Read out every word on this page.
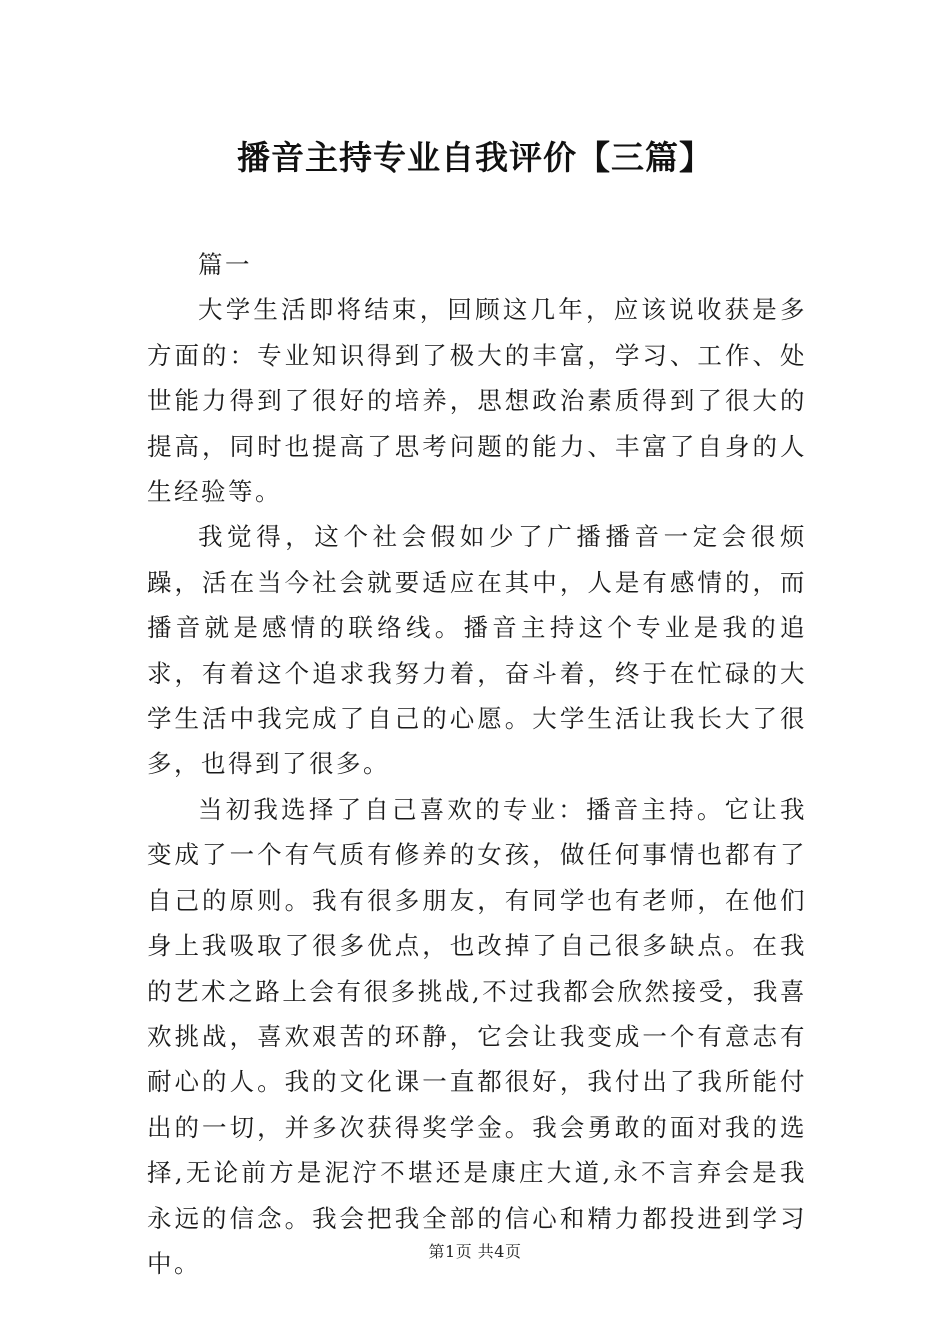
播音主持专业自我评价【三篇】

篇一

大学生活即将结束，回顾这几年，应该说收获是多方面的：专业知识得到了极大的丰富，学习、工作、处世能力得到了很好的培养，思想政治素质得到了很大的提高，同时也提高了思考问题的能力、丰富了自身的人生经验等。

我觉得，这个社会假如少了广播播音一定会很烦躁，活在当今社会就要适应在其中，人是有感情的，而播音就是感情的联络线。播音主持这个专业是我的追求，有着这个追求我努力着，奋斗着，终于在忙碌的大学生活中我完成了自己的心愿。大学生活让我长大了很多，也得到了很多。

当初我选择了自己喜欢的专业：播音主持。它让我变成了一个有气质有修养的女孩，做任何事情也都有了自己的原则。我有很多朋友，有同学也有老师，在他们身上我吸取了很多优点，也改掉了自己很多缺点。在我的艺术之路上会有很多挑战,不过我都会欣然接受，我喜欢挑战，喜欢艰苦的环静，它会让我变成一个有意志有耐心的人。我的文化课一直都很好，我付出了我所能付出的一切，并多次获得奖学金。我会勇敢的面对我的选择,无论前方是泥泞不堪还是康庄大道,永不言弃会是我永远的信念。我会把我全部的信心和精力都投进到学习中。	第1页 共4页
